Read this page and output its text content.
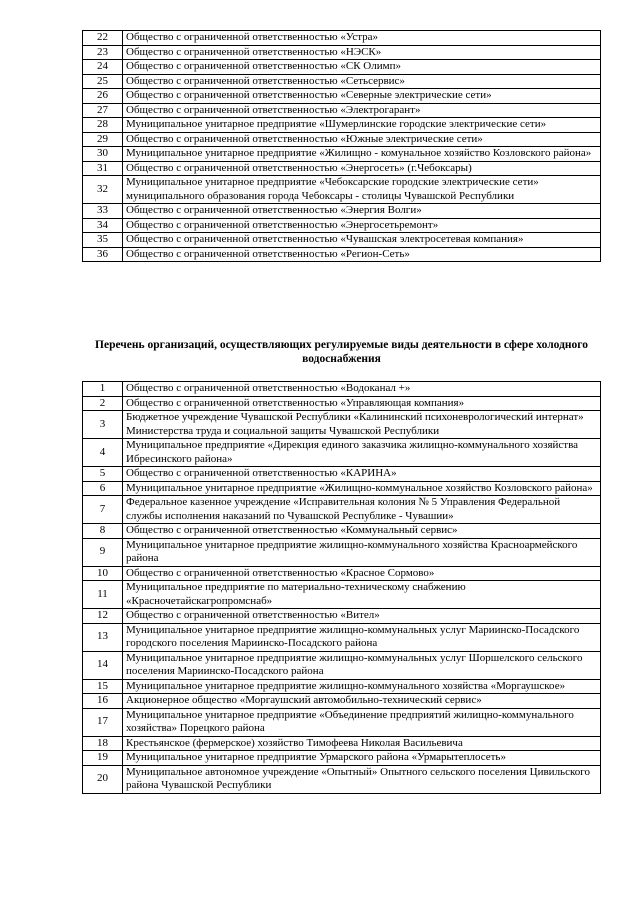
22	Общество с ограниченной ответственностью «Устра»
23	Общество с ограниченной ответственностью «НЭСК»
24	Общество с ограниченной ответственностью «СК Олимп»
25	Общество с ограниченной ответственностью «Сетьсервис»
26	Общество с ограниченной ответственностью «Северные электрические сети»
27	Общество с ограниченной ответственностью «Электрогарант»
28	Муниципальное унитарное предприятие «Шумерлинские городские электрические сети»
29	Общество с ограниченной ответственностью «Южные электрические сети»
30	Муниципальное унитарное предприятие «Жилищно - комунальное хозяйство Козловского района»
31	Общество с ограниченной ответственностью «Энергосеть» (г.Чебоксары)
32	Муниципальное унитарное предприятие «Чебоксарские городские электрические сети» муниципального образования города Чебоксары - столицы Чувашской Республики
33	Общество с ограниченной ответственностью «Энергия Волги»
34	Общество с ограниченной ответственностью «Энергосетьремонт»
35	Общество с ограниченной ответственностью «Чувашская электросетевая компания»
36	Общество с ограниченной ответственностью «Регион-Сеть»
Перечень организаций, осуществляющих регулируемые виды деятельности в сфере холодного водоснабжения
1	Общество с ограниченной ответственностью «Водоканал +»
2	Общество с ограниченной ответственностью «Управляющая компания»
3	Бюджетное учреждение Чувашской Республики «Калининский психоневрологический интернат» Министерства труда и социальной защиты Чувашской Республики
4	Муниципальное предприятие «Дирекция единого заказчика жилищно-коммунального хозяйства Ибресинского района»
5	Общество с ограниченной ответственностью «КАРИНА»
6	Муниципальное унитарное предприятие «Жилищно-коммунальное хозяйство Козловского района»
7	Федеральное казенное учреждение «Исправительная колония № 5 Управления Федеральной службы исполнения наказаний по Чувашской Республике - Чувашии»
8	Общество с ограниченной ответственностью «Коммунальный сервис»
9	Муниципальное унитарное предприятие жилищно-коммунального хозяйства Красноармейского района
10	Общество с ограниченной ответственностью «Красное Сормово»
11	Муниципальное предприятие по материально-техническому снабжению «Красночетайскагропромснаб»
12	Общество с ограниченной ответственностью «Вител»
13	Муниципальное унитарное предприятие жилищно-коммунальных услуг Мариинско-Посадского городского поселения Мариинско-Посадского района
14	Муниципальное унитарное предприятие жилищно-коммунальных услуг Шоршелского сельского поселения Мариинско-Посадского района
15	Муниципальное унитарное предприятие жилищно-коммунального хозяйства «Моргаушское»
16	Акционерное общество «Моргаушский автомобильно-технический сервис»
17	Муниципальное унитарное предприятие «Объединение предприятий жилищно-коммунального хозяйства» Порецкого района
18	Крестьянское (фермерское) хозяйство Тимофеева Николая Васильевича
19	Муниципальное унитарное предприятие Урмарского района «Урмарытеплосеть»
20	Муниципальное автономное учреждение «Опытный» Опытного сельского поселения Цивильского района Чувашской Республики
